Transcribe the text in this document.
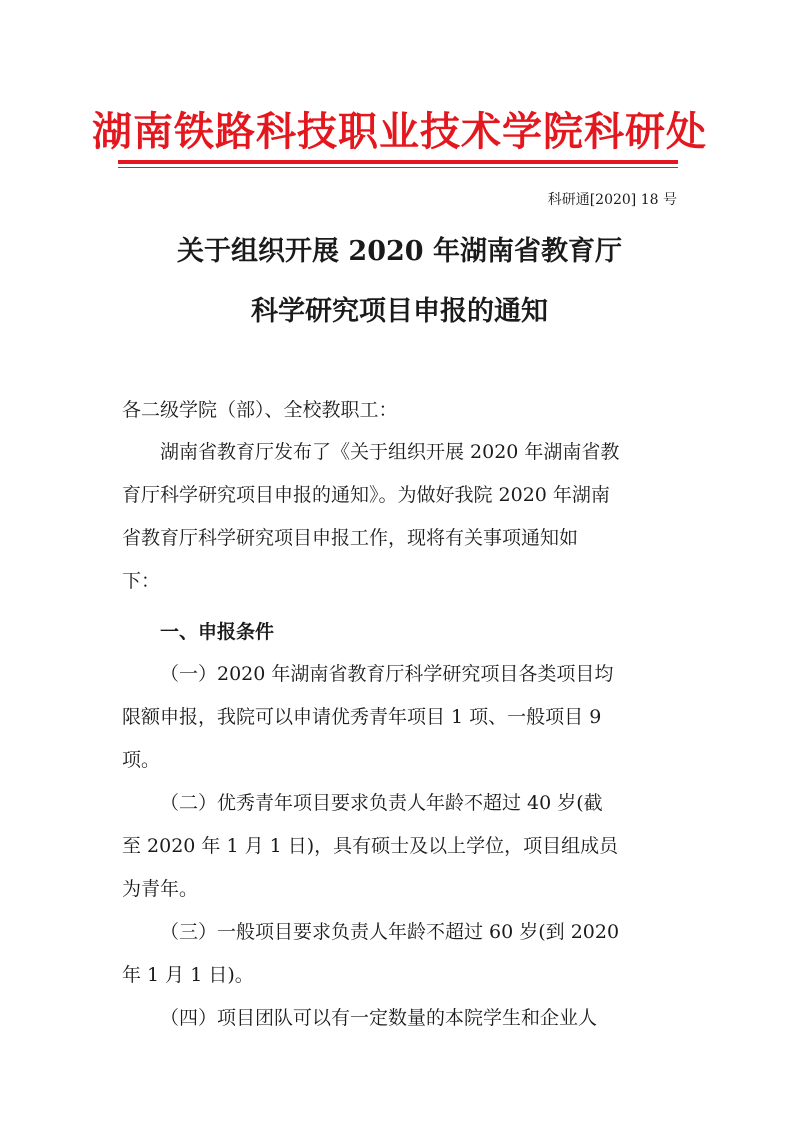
湖南铁路科技职业技术学院科研处
科研通[2020] 18 号
关于组织开展 2020 年湖南省教育厅
科学研究项目申报的通知
各二级学院（部）、全校教职工：
湖南省教育厅发布了《关于组织开展 2020 年湖南省教
育厅科学研究项目申报的通知》。为做好我院 2020 年湖南
省教育厅科学研究项目申报工作，现将有关事项通知如
下：
一、申报条件
（一）2020 年湖南省教育厅科学研究项目各类项目均
限额申报，我院可以申请优秀青年项目 1 项、一般项目 9
项。
（二）优秀青年项目要求负责人年龄不超过 40 岁(截
至 2020 年 1 月 1 日)，具有硕士及以上学位，项目组成员
为青年。
（三）一般项目要求负责人年龄不超过 60 岁(到 2020
年 1 月 1 日)。
（四）项目团队可以有一定数量的本院学生和企业人
